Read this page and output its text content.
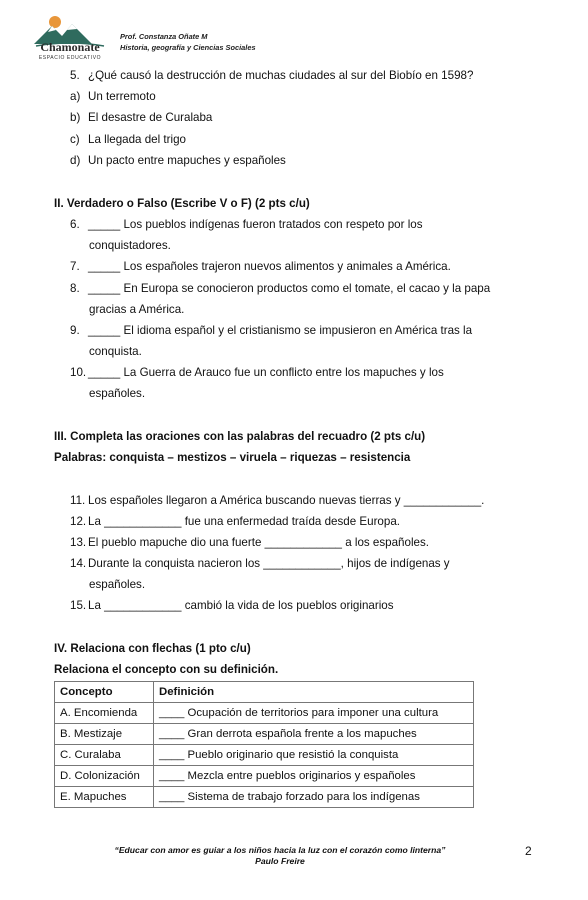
Chamonate
ESPACIO EDUCATIVO
Prof. Constanza Oñate M
Historia, geografía y Ciencias Sociales
5. ¿Qué causó la destrucción de muchas ciudades al sur del Biobío en 1598?
a) Un terremoto
b) El desastre de Curalaba
c) La llegada del trigo
d) Un pacto entre mapuches y españoles
II. Verdadero o Falso (Escribe V o F) (2 pts c/u)
6. _____ Los pueblos indígenas fueron tratados con respeto por los
conquistadores.
7. _____ Los españoles trajeron nuevos alimentos y animales a América.
8. _____ En Europa se conocieron productos como el tomate, el cacao y la papa
gracias a América.
9. _____ El idioma español y el cristianismo se impusieron en América tras la
conquista.
10. _____ La Guerra de Arauco fue un conflicto entre los mapuches y los
españoles.
III. Completa las oraciones con las palabras del recuadro (2 pts c/u)
Palabras: conquista – mestizos – viruela – riquezas – resistencia
11. Los españoles llegaron a América buscando nuevas tierras y ____________.
12. La ____________ fue una enfermedad traída desde Europa.
13. El pueblo mapuche dio una fuerte ____________ a los españoles.
14. Durante la conquista nacieron los ____________, hijos de indígenas y
españoles.
15. La ____________ cambió la vida de los pueblos originarios
IV. Relaciona con flechas (1 pto c/u)
Relaciona el concepto con su definición.
Concepto	Definición
A. Encomienda	____ Ocupación de territorios para imponer una cultura
B. Mestizaje	____ Gran derrota española frente a los mapuches
C. Curalaba	____ Pueblo originario que resistió la conquista
D. Colonización	____ Mezcla entre pueblos originarios y españoles
E. Mapuches	____ Sistema de trabajo forzado para los indígenas
“Educar con amor es guiar a los niños hacia la luz con el corazón como linterna”
Paulo Freire
2
